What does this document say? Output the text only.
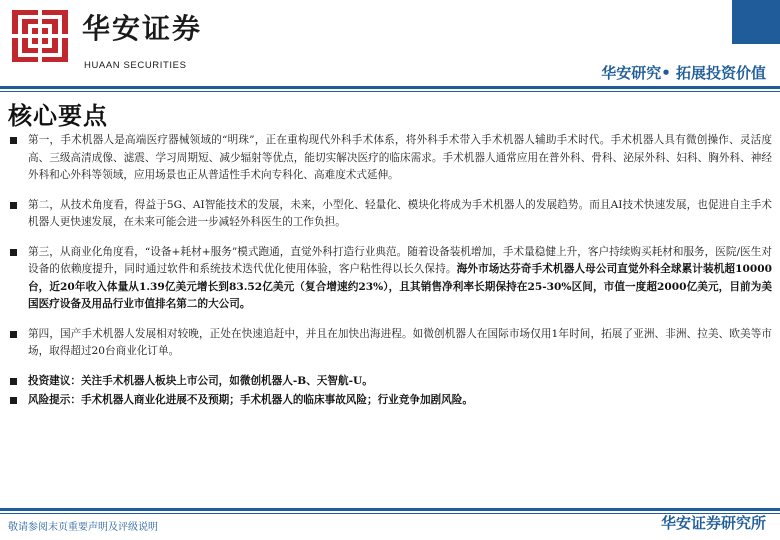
华安证券
HUAAN SECURITIES	华安研究• 拓展投资价值
核心要点
第一，手术机器人是高端医疗器械领域的“明珠”，正在重构现代外科手术体系，将外科手术带入手术机器人辅助手术时代。手术机器人具有微创操作、灵活度高、三级高清成像、滤震、学习周期短、减少辐射等优点，能切实解决医疗的临床需求。手术机器人通常应用在普外科、骨科、泌尿外科、妇科、胸外科、神经外科和心外科等领域，应用场景也正从普适性手术向专科化、高难度术式延伸。
第二，从技术角度看，得益于5G、AI智能技术的发展，未来，小型化、轻量化、模块化将成为手术机器人的发展趋势。而且AI技术快速发展，也促进自主手术机器人更快速发展，在未来可能会进一步减轻外科医生的工作负担。
第三，从商业化角度看，“设备+耗材+服务”模式跑通，直觉外科打造行业典范。随着设备装机增加，手术量稳健上升，客户持续购买耗材和服务，医院/医生对设备的依赖度提升，同时通过软件和系统技术迭代优化使用体验，客户粘性得以长久保持。海外市场达芬奇手术机器人母公司直觉外科全球累计装机超10000台，近20年收入体量从1.39亿美元增长到83.52亿美元（复合增速约23%），且其销售净利率长期保持在25-30%区间，市值一度超2000亿美元，目前为美国医疗设备及用品行业市值排名第二的大公司。
第四，国产手术机器人发展相对较晚，正处在快速追赶中，并且在加快出海进程。如微创机器人在国际市场仅用1年时间，拓展了亚洲、非洲、拉美、欧美等市场，取得超过20台商业化订单。
投资建议：关注手术机器人板块上市公司，如微创机器人-B、天智航-U。
风险提示：手术机器人商业化进展不及预期；手术机器人的临床事故风险；行业竞争加剧风险。
敬请参阅末页重要声明及评级说明	华安证券研究所
